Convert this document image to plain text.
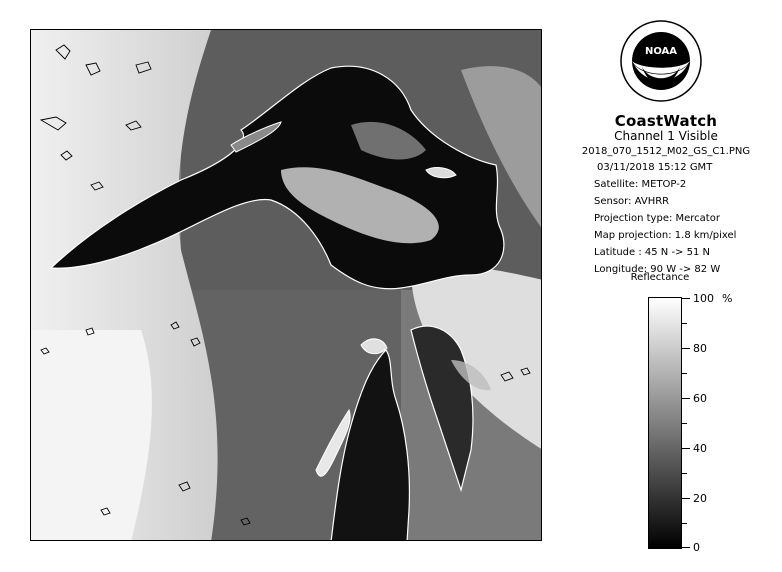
NOAA
CoastWatch
Channel 1 Visible
2018_070_1512_M02_GS_C1.PNG
03/11/2018 15:12 GMT
Satellite: METOP-2
Sensor: AVHRR
Projection type: Mercator
Map projection: 1.8 km/pixel
Latitude : 45 N -> 51 N
Longitude: 90 W -> 82 W
Reflectance
%
100
80
60
40
20
0
